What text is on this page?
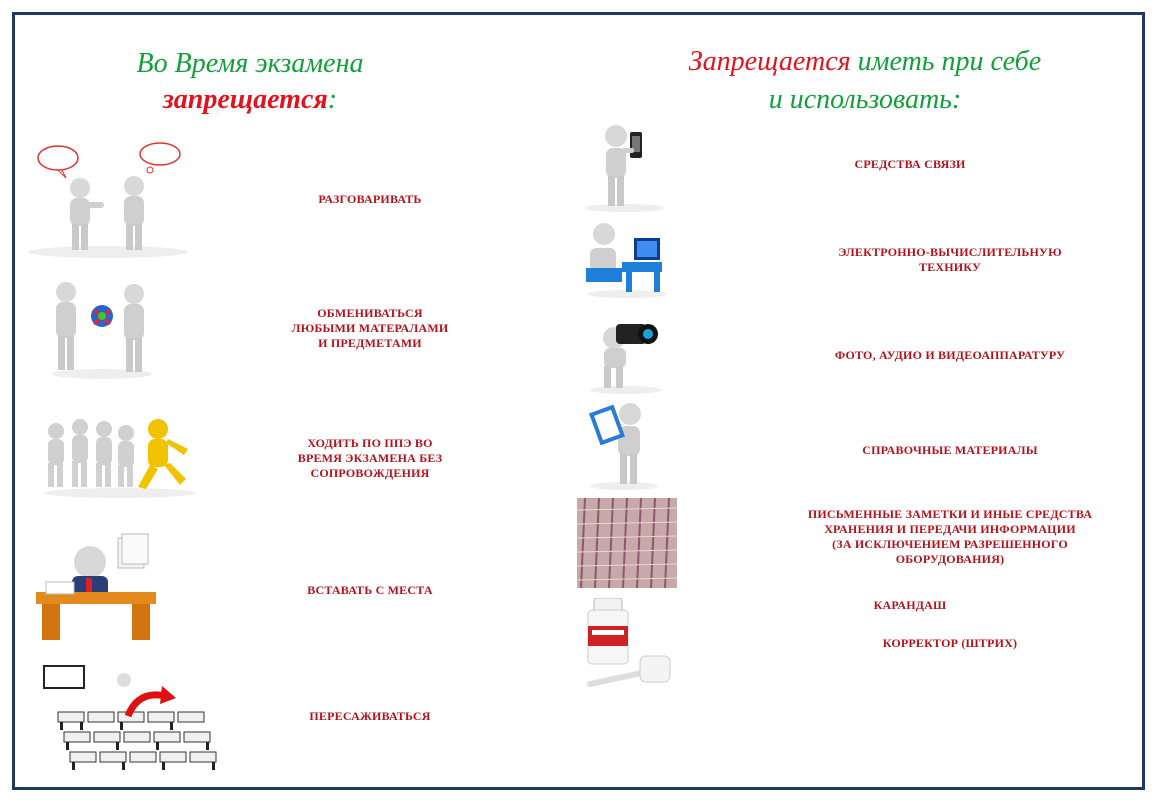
Во Время экзамена
запрещается:
Запрещается иметь при себе
и использовать:
РАЗГОВАРИВАТЬ
ОБМЕНИВАТЬСЯ
ЛЮБЫМИ МАТЕРАЛАМИ
И ПРЕДМЕТАМИ
ХОДИТЬ ПО ППЭ ВО
ВРЕМЯ ЭКЗАМЕНА БЕЗ
СОПРОВОЖДЕНИЯ
ВСТАВАТЬ С МЕСТА
ПЕРЕСАЖИВАТЬСЯ
СРЕДСТВА СВЯЗИ
ЭЛЕКТРОННО-ВЫЧИСЛИТЕЛЬНУЮ
ТЕХНИКУ
ФОТО, АУДИО И ВИДЕОАППАРАТУРУ
СПРАВОЧНЫЕ МАТЕРИАЛЫ
ПИСЬМЕННЫЕ ЗАМЕТКИ И ИНЫЕ СРЕДСТВА
ХРАНЕНИЯ И ПЕРЕДАЧИ ИНФОРМАЦИИ
(ЗА ИСКЛЮЧЕНИЕМ РАЗРЕШЕННОГО
ОБОРУДОВАНИЯ)
КАРАНДАШ
КОРРЕКТОР (ШТРИХ)
